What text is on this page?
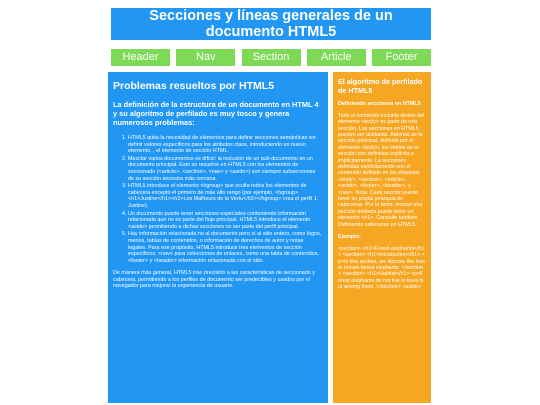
Secciones y líneas generales de un documento HTML5
Header	Nav	Section	Article	Footer
Problemas resueltos por HTML5
La definición de la estructura de un documento en HTML 4 y su algoritmo de perfilado es muy tosco y genera numerosos problemas:
1. HTML5 quita la necesidad de elementos para definir secciones semánticas sin definir valores específicos para los atributos class, introduciendo un nuevo elemento, , el elemento de sección HTML.
2. Mezclar varios documentos es difícil: la inclusión de un sub-documento en un documento principal. Esto se resuelve en HTML5 con los elementos de seccionado (<article>, <section>, <nav> y <aside>) son siempre subsecciones de su sección ancestra más cercana.
3. HTML5 introduce el elemento <hgroup> que oculta todos los elementos de cabecera excepto el primero de más alto rango (por ejemplo, <hgroup><h1>Justine</h1><h2>Les Malheurs de la Vertu</h2></hgroup> crea el perfil 1. Justine).
4. Un documento puede tener secciones especiales conteniendo información relacionada que no es parte del flujo principal. HTML5 introduce el elemento <aside> permitiendo a dichas secciones no ser parte del perfil principal.
5. Hay información relacionada no al documento pero sí al sitio entero, como logos, menús, tablas de contenidos, o información de derechos de autor y notas legales. Para ese propósito, HTML5 introduce tres elementos de sección específicos: <nav> para colecciones de enlaces, como una tabla de contenidos, <footer> y <header> información relacionada con el sitio.

De manera más general, HTML5 trae precisión a las características de seccionado y cabecera, permitiendo a los perfiles de documento ser predecibles y usados por el navegador para mejorar la experiencia de usuario.

El algoritmo de perfilado de HTML5
Definiendo secciones en HTML5

Todo el contenido incluido dentro del elemento <body> es parte de una sección. Las secciones en HTML5 pueden ser anidadas. Además de la sección principal, definida por el elemento <body>, los límites de la sección son definidos explícita e implícitamente. La secciones definidas explícitamente son el contenido definido en las etiquetas <body>, <section>, <article>, <aside>, <footer>, <header>, y <nav>. Nota: Cada sección puede tener su propia jerarquía de cabeceras. Por lo tanto, incluso una sección anidada puede tener un elemento <h1>. Consulte también Definiendo cabeceras en HTML5.

Ejemplo:
<section> <h1>Forest elephants</h1> <section> <h1>Introduction</h1> <p>In this section, we discuss the lesser known forest elephants. </section> <section> <h1>Habitat</h1> <p>Forest elephants do not live in trees but among them. </section> <aside>
